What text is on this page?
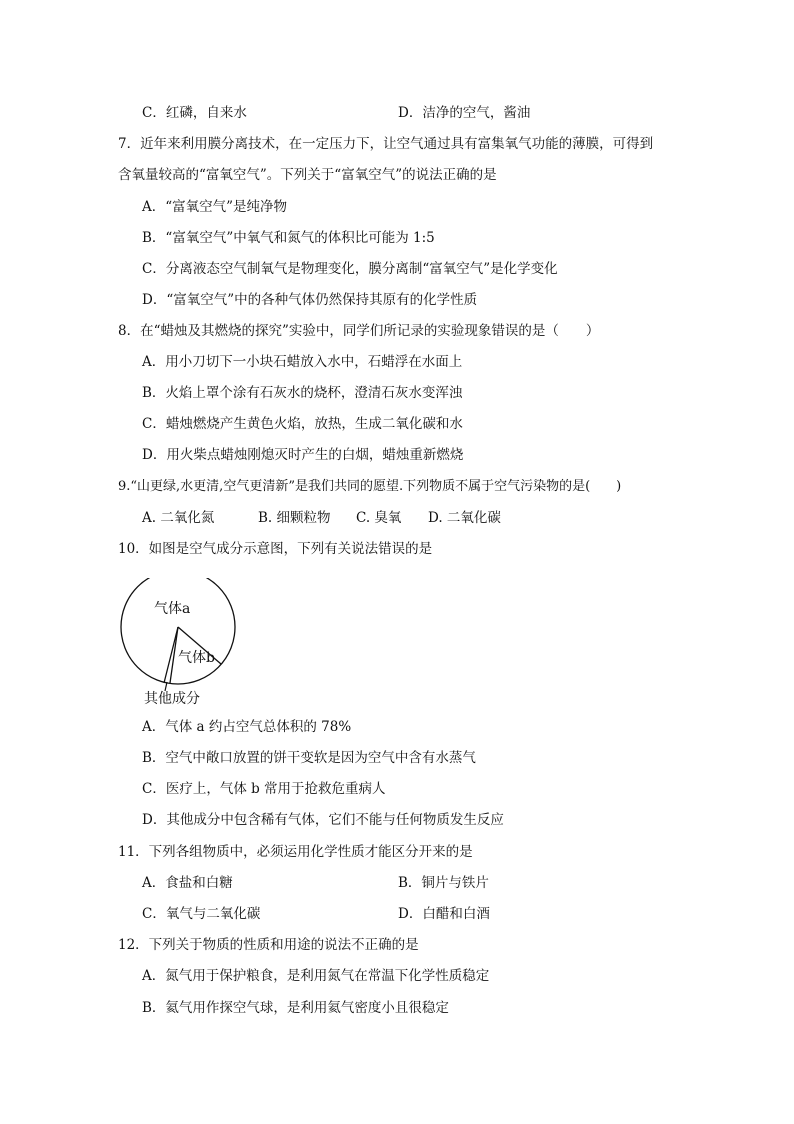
C．红磷，自来水	D．洁净的空气，酱油
7．近年来利用膜分离技术，在一定压力下，让空气通过具有富集氧气功能的薄膜，可得到
含氧量较高的“富氧空气”。下列关于“富氧空气”的说法正确的是
A．“富氧空气”是纯净物
B．“富氧空气”中氧气和氮气的体积比可能为 1:5
C．分离液态空气制氧气是物理变化，膜分离制“富氧空气”是化学变化
D．“富氧空气”中的各种气体仍然保持其原有的化学性质
8．在“蜡烛及其燃烧的探究”实验中，同学们所记录的实验现象错误的是（　　）
A．用小刀切下一小块石蜡放入水中，石蜡浮在水面上
B．火焰上罩个涂有石灰水的烧杯，澄清石灰水变浑浊
C．蜡烛燃烧产生黄色火焰，放热，生成二氧化碳和水
D．用火柴点蜡烛刚熄灭时产生的白烟，蜡烛重新燃烧
9.“山更绿,水更清,空气更清新”是我们共同的愿望.下列物质不属于空气污染物的是(　　)
A. 二氧化氮	B. 细颗粒物 C. 臭氧 D. 二氧化碳
10．如图是空气成分示意图，下列有关说法错误的是
气体a
气体b
其他成分
A．气体 a 约占空气总体积的 78%
B．空气中敞口放置的饼干变软是因为空气中含有水蒸气
C．医疗上，气体 b 常用于抢救危重病人
D．其他成分中包含稀有气体，它们不能与任何物质发生反应
11．下列各组物质中，必须运用化学性质才能区分开来的是
A．食盐和白糖	B．铜片与铁片
C．氧气与二氧化碳	D．白醋和白酒
12．下列关于物质的性质和用途的说法不正确的是
A．氮气用于保护粮食，是利用氮气在常温下化学性质稳定
B．氦气用作探空气球，是利用氦气密度小且很稳定
